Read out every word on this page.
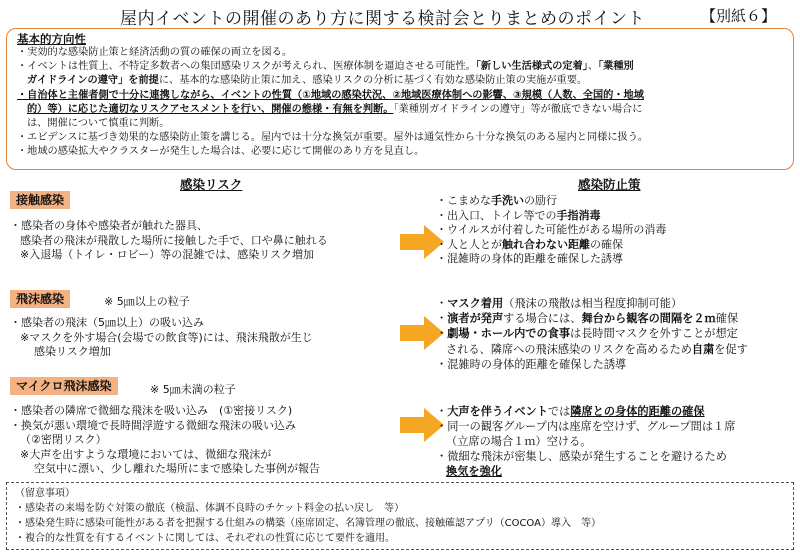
屋内イベントの開催のあり方に関する検討会とりまとめのポイント	【別紙６】
基本的方向性
・実効的な感染防止策と経済活動の質の確保の両立を図る。
・イベントは性質上、不特定多数者への集団感染リスクが考えられ、医療体制を逼迫させる可能性。「新しい生活様式の定着」、「業種別
ガイドラインの遵守」を前提に、基本的な感染防止策に加え、感染リスクの分析に基づく有効な感染防止策の実施が重要。
・自治体と主催者側で十分に連携しながら、イベントの性質（①地域の感染状況、②地域医療体制への影響、③規模（人数、全国的・地域
的）等）に応じた適切なリスクアセスメントを行い、開催の態様・有無を判断。「業種別ガイドラインの遵守」等が徹底できない場合に
は、開催について慎重に判断。
・エビデンスに基づき効果的な感染防止策を講じる。屋内では十分な換気が重要。屋外は通気性から十分な換気のある屋内と同様に扱う。
・地域の感染拡大やクラスターが発生した場合は、必要に応じて開催のあり方を見直し。
感染リスク	感染防止策
接触感染
・感染者の身体や感染者が触れた器具、
感染者の飛沫が飛散した場所に接触した手で、口や鼻に触れる
※入退場（トイレ・ロビー）等の混雑では、感染リスク増加
・こまめな手洗いの励行
・出入口、トイレ等での手指消毒
・ウイルスが付着した可能性がある場所の消毒
・人と人とが触れ合わない距離の確保
・混雑時の身体的距離を確保した誘導
飛沫感染	※ 5㎛以上の粒子
・感染者の飛沫（5㎛以上）の吸い込み
※マスクを外す場合(会場での飲食等)には、飛沫飛散が生じ
感染リスク増加
・マスク着用（飛沫の飛散は相当程度抑制可能）
・演者が発声する場合には、舞台から観客の間隔を２ｍ確保
・劇場・ホール内での食事は長時間マスクを外すことが想定
される、隣席への飛沫感染のリスクを高めるため自粛を促す
・混雑時の身体的距離を確保した誘導
マイクロ飛沫感染	※ 5㎛未満の粒子
・感染者の隣席で微細な飛沫を吸い込み　(①密接リスク)
・換気が悪い環境で長時間浮遊する微細な飛沫の吸い込み
（②密閉リスク）
※大声を出すような環境においては、微細な飛沫が
空気中に漂い、少し離れた場所にまで感染した事例が報告
・大声を伴うイベントでは隣席との身体的距離の確保
・同一の観客グループ内は座席を空けず、グループ間は１席
（立席の場合１ｍ）空ける。
・微細な飛沫が密集し、感染が発生することを避けるため
換気を強化
（留意事項）
・感染者の来場を防ぐ対策の徹底（検温、体調不良時のチケット料金の払い戻し　等）
・感染発生時に感染可能性がある者を把握する仕組みの構築（座席固定、名簿管理の徹底、接触確認アプリ（COCOA）導入　等）
・複合的な性質を有するイベントに関しては、それぞれの性質に応じて要件を適用。
